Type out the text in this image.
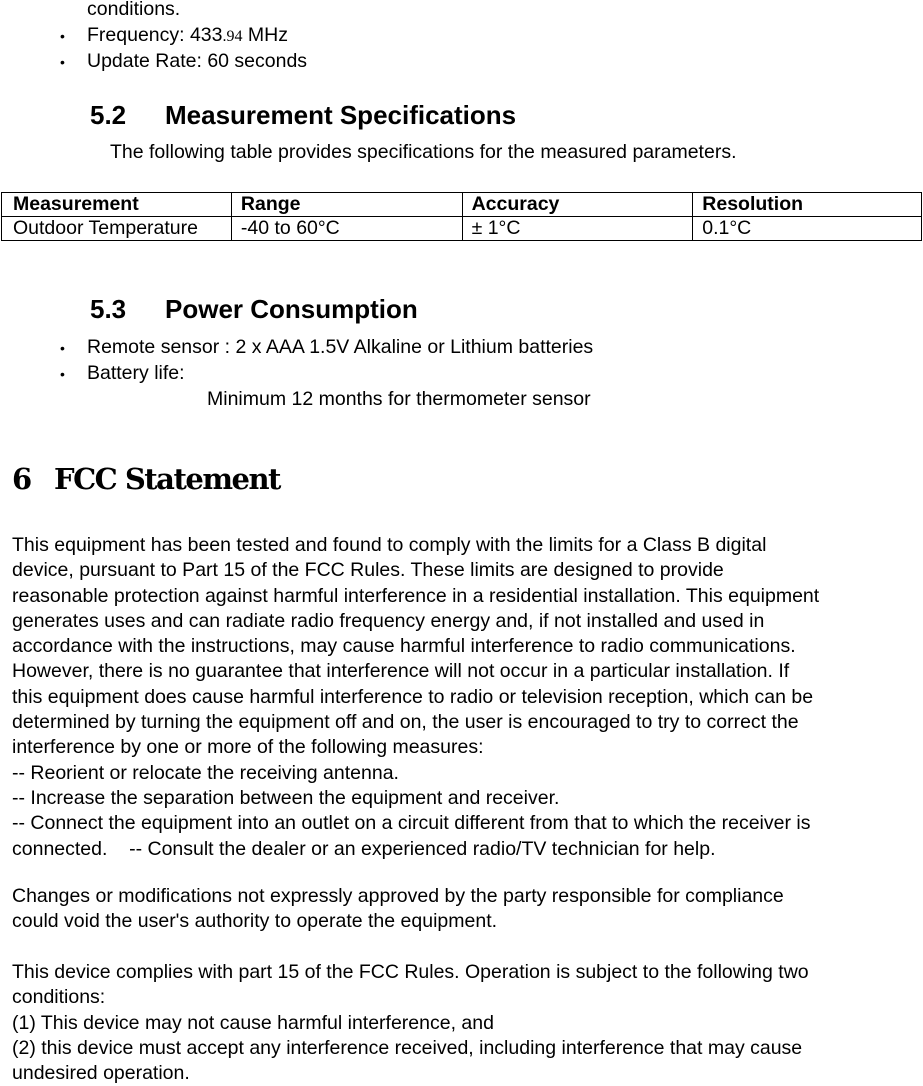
conditions.
• Frequency: 433.94 MHz
• Update Rate: 60 seconds
5.2 Measurement Specifications
The following table provides specifications for the measured parameters.
Measurement	Range	Accuracy	Resolution
Outdoor Temperature	-40 to 60°C	± 1°C	0.1°C
5.3 Power Consumption
• Remote sensor : 2 x AAA 1.5V Alkaline or Lithium batteries
• Battery life:
Minimum 12 months for thermometer sensor
6 FCC Statement
This equipment has been tested and found to comply with the limits for a Class B digital
device, pursuant to Part 15 of the FCC Rules. These limits are designed to provide
reasonable protection against harmful interference in a residential installation. This equipment
generates uses and can radiate radio frequency energy and, if not installed and used in
accordance with the instructions, may cause harmful interference to radio communications.
However, there is no guarantee that interference will not occur in a particular installation. If
this equipment does cause harmful interference to radio or television reception, which can be
determined by turning the equipment off and on, the user is encouraged to try to correct the
interference by one or more of the following measures:
-- Reorient or relocate the receiving antenna.
-- Increase the separation between the equipment and receiver.
-- Connect the equipment into an outlet on a circuit different from that to which the receiver is
connected.    -- Consult the dealer or an experienced radio/TV technician for help.
Changes or modifications not expressly approved by the party responsible for compliance
could void the user's authority to operate the equipment.
This device complies with part 15 of the FCC Rules. Operation is subject to the following two
conditions:
(1) This device may not cause harmful interference, and
(2) this device must accept any interference received, including interference that may cause
undesired operation.
